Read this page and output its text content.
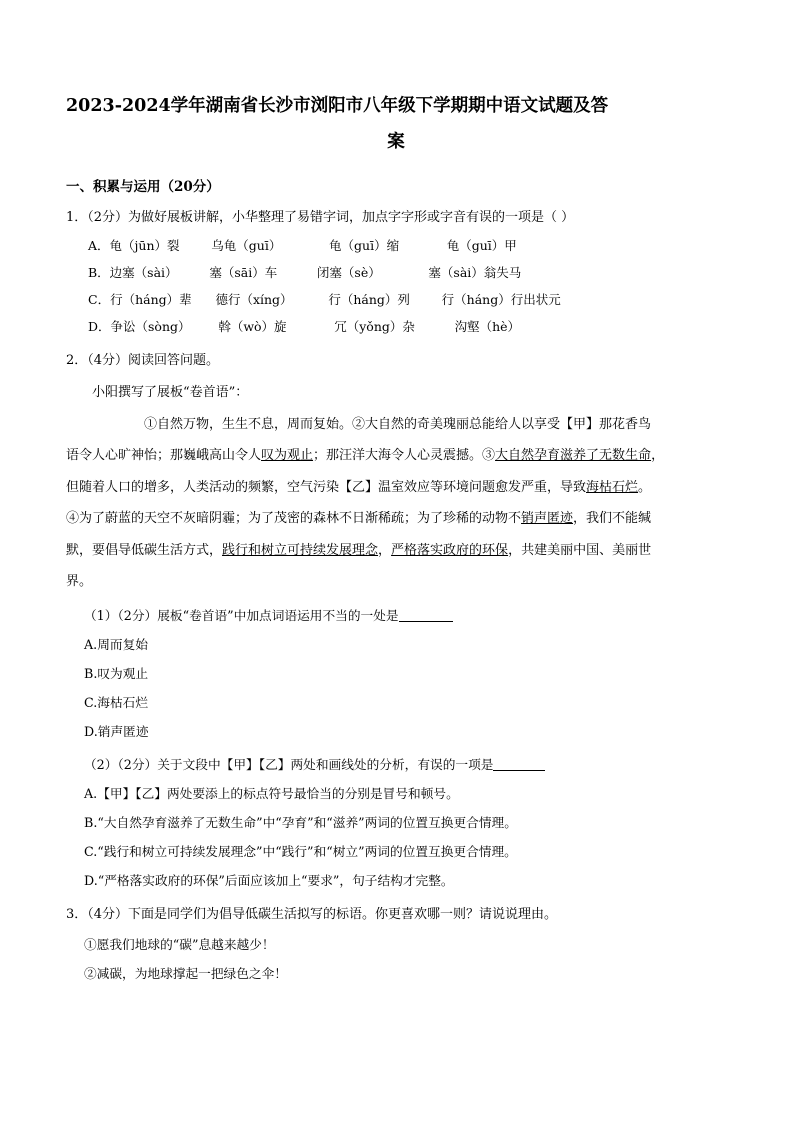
2023-2024学年湖南省长沙市浏阳市八年级下学期期中语文试题及答
案
一、积累与运用（20分）
1．（2分）为做好展板讲解，小华整理了易错字词，加点字字形或字音有误的一项是（ ）
A．龟（jūn）裂        乌龟（guī）            龟（guī）缩            龟（guī）甲
B．边塞（sài）        塞（sāi）车          闭塞（sè）            塞（sài）翁失马
C．行（háng）辈      德行（xíng）         行（háng）列        行（háng）行出状元
D．争讼（sòng）       斡（wò）旋            冗（yǒng）杂          沟壑（hè）
2．（4分）阅读回答问题。
小阳撰写了展板“卷首语”：
①自然万物，生生不息，周而复始。②大自然的奇美瑰丽总能给人以享受【甲】那花香鸟
语令人心旷神怡；那巍峨高山令人叹为观止；那汪洋大海令人心灵震撼。③大自然孕育滋养了无数生命，
但随着人口的增多，人类活动的频繁，空气污染【乙】温室效应等环境问题愈发严重，导致海枯石烂。
④为了蔚蓝的天空不灰暗阴霾；为了茂密的森林不日渐稀疏；为了珍稀的动物不销声匿迹，我们不能缄
默，要倡导低碳生活方式，践行和树立可持续发展理念，严格落实政府的环保，共建美丽中国、美丽世
界。
（1）（2分）展板“卷首语”中加点词语运用不当的一处是
A.周而复始
B.叹为观止
C.海枯石烂
D.销声匿迹
（2）（2分）关于文段中【甲】【乙】两处和画线处的分析，有误的一项是
A.【甲】【乙】两处要添上的标点符号最恰当的分别是冒号和顿号。
B.“大自然孕育滋养了无数生命”中“孕育”和“滋养”两词的位置互换更合情理。
C.“践行和树立可持续发展理念”中“践行”和“树立”两词的位置互换更合情理。
D.“严格落实政府的环保”后面应该加上“要求”，句子结构才完整。
3．（4分）下面是同学们为倡导低碳生活拟写的标语。你更喜欢哪一则？请说说理由。
①愿我们地球的“碳”息越来越少！
②减碳，为地球撑起一把绿色之伞！
